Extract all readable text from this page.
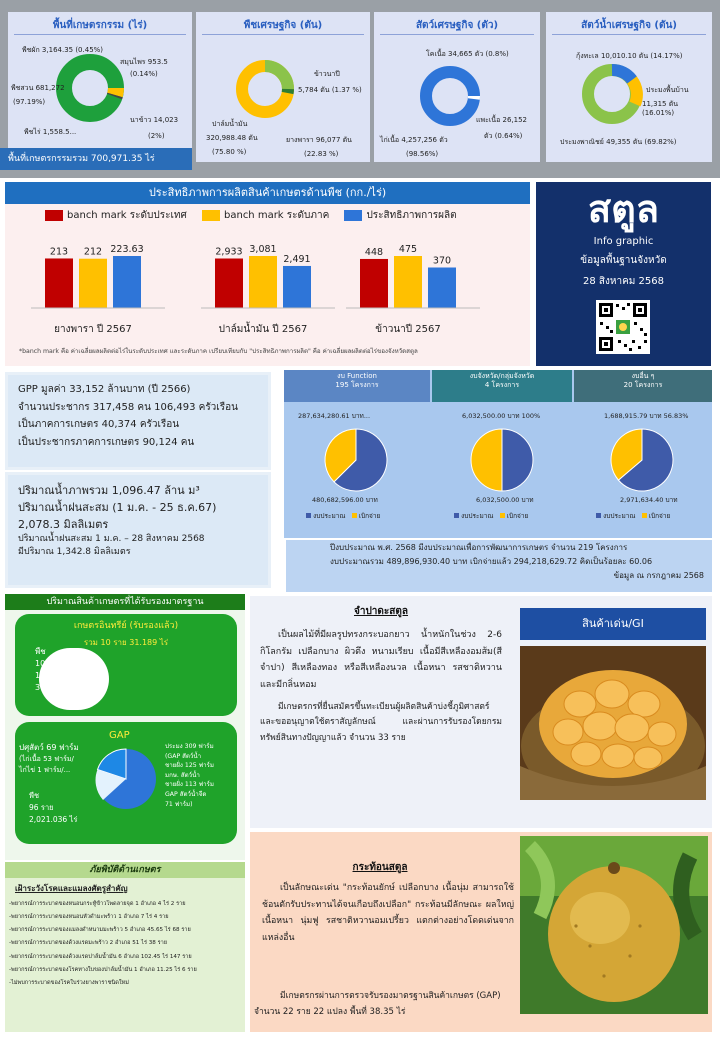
พื้นที่เกษตรกรรม (ไร่)
พืชผัก 3,164.35 (0.45%)
สมุนไพร 953.5
(0.14%)
พืชสวน 681,272
(97.19%)
นาข้าว 14,023
(2%)
พืชไร่ 1,558.5...
พื้นที่เกษตรกรรมรวม 700,971.35 ไร่
พืชเศรษฐกิจ (ตัน)
ข้าวนาปี
5,784 ตัน (1.37 %)
ปาล์มน้ำมัน
320,988.48 ตัน
(75.80 %)
ยางพารา 96,077 ตัน
(22.83 %)
สัตว์เศรษฐกิจ (ตัว)
โคเนื้อ 34,665 ตัว (0.8%)
แพะเนื้อ 26,152
ตัว (0.64%)
ไก่เนื้อ 4,257,256 ตัว
(98.56%)
สัตว์น้ำเศรษฐกิจ (ตัน)
กุ้งทะเล 10,010.10 ตัน (14.17%)
ประมงพื้นบ้าน
11,315 ตัน (16.01%)
ประมงพาณิชย์ 49,355 ตัน (69.82%)
ประสิทธิภาพการผลิตสินค้าเกษตรด้านพืช (กก./ไร่)
banch mark ระดับประเทศ	banch mark ระดับภาค	ประสิทธิภาพการผลิต
213 212 223.63
ยางพารา ปี 2567
2,933 3,081
2,491
ปาล์มน้ำมัน ปี 2567
448 475
370
ข้าวนาปี 2567
*banch mark คือ ค่าเฉลี่ยผลผลิตต่อไร่ในระดับประเทศ และระดับภาค เปรียบเทียบกับ "ประสิทธิภาพการผลิต" คือ ค่าเฉลี่ยผลผลิตต่อไร่ของจังหวัดสตูล
สตูล
Info graphic
ข้อมูลพื้นฐานจังหวัด
28 สิงหาคม 2568
GPP มูลค่า 33,152 ล้านบาท (ปี 2566)
จำนวนประชากร 317,458 คน 106,493 ครัวเรือน
เป็นภาคการเกษตร 40,374 ครัวเรือน
เป็นประชากรภาคการเกษตร 90,124 คน
ปริมาณน้ำภาพรวม 1,096.47 ล้าน ม³
ปริมาณน้ำฝนสะสม (1 ม.ค. - 25 ธ.ค.67)
2,078.3 มิลลิเมตร
ปริมาณน้ำฝนสะสม 1 ม.ค. – 28 สิงหาคม 2568
มีปริมาณ 1,342.8 มิลลิเมตร
งบ Function
195 โครงการ
งบจังหวัด/กลุ่มจังหวัด
4 โครงการ
งบอื่น ๆ
20 โครงการ
287,634,280.61 บาท...
480,682,596.00 บาท
งบประมาณ เบิกจ่าย
6,032,500.00 บาท 100%
6,032,500.00 บาท
งบประมาณ เบิกจ่าย
1,688,915.79 บาท 56.83%
2,971,634.40 บาท
งบประมาณ เบิกจ่าย
ปีงบประมาณ พ.ศ. 2568 มีงบประมาณเพื่อการพัฒนาการเกษตร จำนวน 219 โครงการ
งบประมาณรวม 489,896,930.40 บาท เบิกจ่ายแล้ว 294,218,629.72 คิดเป็นร้อยละ 60.06
ข้อมูล ณ กรกฎาคม 2568
ปริมาณสินค้าเกษตรที่ได้รับรองมาตรฐาน
เกษตรอินทรีย์ (รับรองแล้ว)
รวม 10 ราย 31.189 ไร่
พืช
10 ราย
10 แปลง
31.189 ไร่
GAP
ปศุสัตว์ 69 ฟาร์ม
(ไก่เนื้อ 53 ฟาร์ม/
ไก่ไข่ 1 ฟาร์ม/...
พืช
96 ราย
2,021.036 ไร่
ประมง 309 ฟาร์ม
(GAP สัตว์น้ำ
ชายฝั่ง 125 ฟาร์ม
มกษ. สัตว์น้ำ
ชายฝั่ง 113 ฟาร์ม
GAP สัตว์น้ำจืด
71 ฟาร์ม)
ภัยพิบัติด้านเกษตร
เฝ้าระวังโรคและแมลงศัตรูสำคัญ
-พยากรณ์การระบาดของหนอนกระทู้ข้าวโพดลายจุด 1 อำเภอ 4 ไร่ 2 ราย
-พยากรณ์การระบาดของหนอนหัวดำมะพร้าว 1 อำเภอ 7 ไร่ 4 ราย
-พยากรณ์การระบาดของแมลงดำหนามมะพร้าว 5 อำเภอ 45.65 ไร่ 68 ราย
-พยากรณ์การระบาดของด้วงแรดมะพร้าว 2 อำเภอ 51 ไร่ 38 ราย
-พยากรณ์การระบาดของด้วงแรดปาล์มน้ำมัน 6 อำเภอ 102.45 ไร่ 147 ราย
-พยากรณ์การระบาดของโรคทางใบของปาล์มน้ำมัน 1 อำเภอ 11.25 ไร่ 6 ราย
-ไม่พบการระบาดของโรคใบร่วงยางพาราชนิดใหม่
จำปาดะสตูล
เป็นผลไม้ที่มีผลรูปทรงกระบอกยาว น้ำหนักในช่วง 2-6 กิโลกรัม เปลือกบาง ผิวตึง หนามเรียบ เนื้อมีสีเหลืองอมส้ม(สีจำปา) สีเหลืองทอง หรือสีเหลืองนวล เนื้อหนา รสชาติหวาน และมีกลิ่นหอม
มีเกษตรกรที่ยื่นสมัครขึ้นทะเบียนผู้ผลิตสินค้าบ่งชี้ภูมิศาสตร์และขออนุญาตใช้ตราสัญลักษณ์ และผ่านการรับรองโดยกรมทรัพย์สินทางปัญญาแล้ว จำนวน 33 ราย
สินค้าเด่น/GI
กระท้อนสตูล
เป็นลักษณะเด่น "กระท้อนยักษ์ เปลือกบาง เนื้อนุ่ม สามารถใช้ช้อนตักรับประทานได้จนเกือบถึงเปลือก" กระท้อนมีลักษณะ ผลใหญ่ เนื้อหนา นุ่มฟู รสชาติหวานอมเปรี้ยว แตกต่างอย่างโดดเด่นจากแหล่งอื่น
มีเกษตรกรผ่านการตรวจรับรองมาตรฐานสินค้าเกษตร (GAP) จำนวน 22 ราย 22 แปลง พื้นที่ 38.35 ไร่
